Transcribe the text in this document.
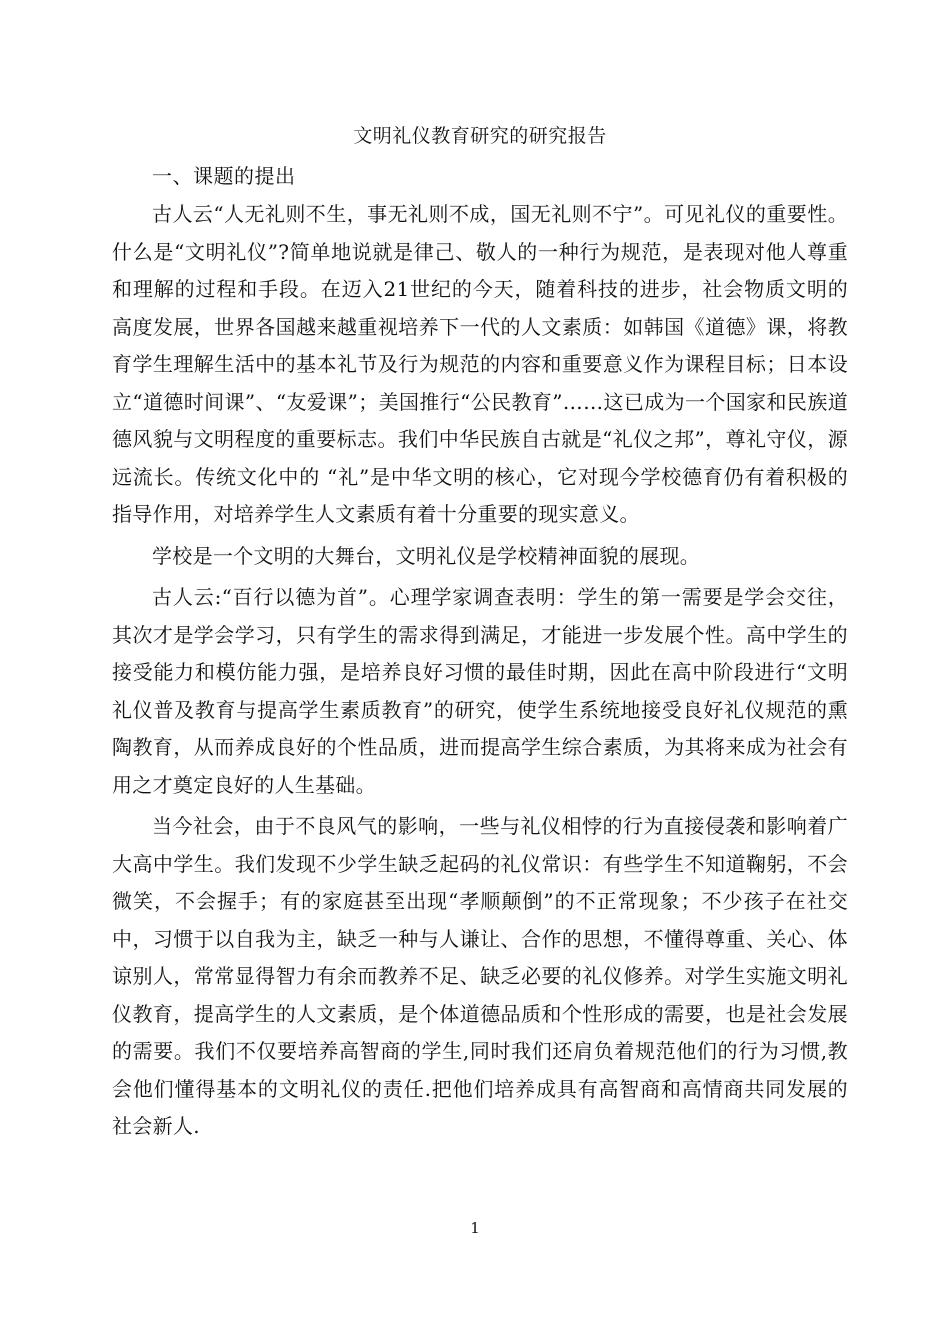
文明礼仪教育研究的研究报告
一、课题的提出

古人云“人无礼则不生，事无礼则不成，国无礼则不宁”。可见礼仪的重要性。什么是“文明礼仪”?简单地说就是律己、敬人的一种行为规范，是表现对他人尊重和理解的过程和手段。在迈入21世纪的今天，随着科技的进步，社会物质文明的高度发展，世界各国越来越重视培养下一代的人文素质：如韩国《道德》课，将教育学生理解生活中的基本礼节及行为规范的内容和重要意义作为课程目标；日本设立“道德时间课”、“友爱课”；美国推行“公民教育”……这已成为一个国家和民族道德风貌与文明程度的重要标志。我们中华民族自古就是“礼仪之邦”，尊礼守仪，源远流长。传统文化中的 “礼”是中华文明的核心，它对现今学校德育仍有着积极的指导作用，对培养学生人文素质有着十分重要的现实意义。

学校是一个文明的大舞台，文明礼仪是学校精神面貌的展现。

古人云:“百行以德为首”。心理学家调查表明：学生的第一需要是学会交往，其次才是学会学习，只有学生的需求得到满足，才能进一步发展个性。高中学生的接受能力和模仿能力强，是培养良好习惯的最佳时期，因此在高中阶段进行“文明礼仪普及教育与提高学生素质教育”的研究，使学生系统地接受良好礼仪规范的熏陶教育，从而养成良好的个性品质，进而提高学生综合素质，为其将来成为社会有用之才奠定良好的人生基础。

当今社会，由于不良风气的影响，一些与礼仪相悖的行为直接侵袭和影响着广大高中学生。我们发现不少学生缺乏起码的礼仪常识：有些学生不知道鞠躬，不会微笑，不会握手；有的家庭甚至出现“孝顺颠倒”的不正常现象；不少孩子在社交中，习惯于以自我为主，缺乏一种与人谦让、合作的思想，不懂得尊重、关心、体谅别人，常常显得智力有余而教养不足、缺乏必要的礼仪修养。对学生实施文明礼仪教育，提高学生的人文素质，是个体道德品质和个性形成的需要，也是社会发展的需要。我们不仅要培养高智商的学生,同时我们还肩负着规范他们的行为习惯,教会他们懂得基本的文明礼仪的责任.把他们培养成具有高智商和高情商共同发展的社会新人.

1
